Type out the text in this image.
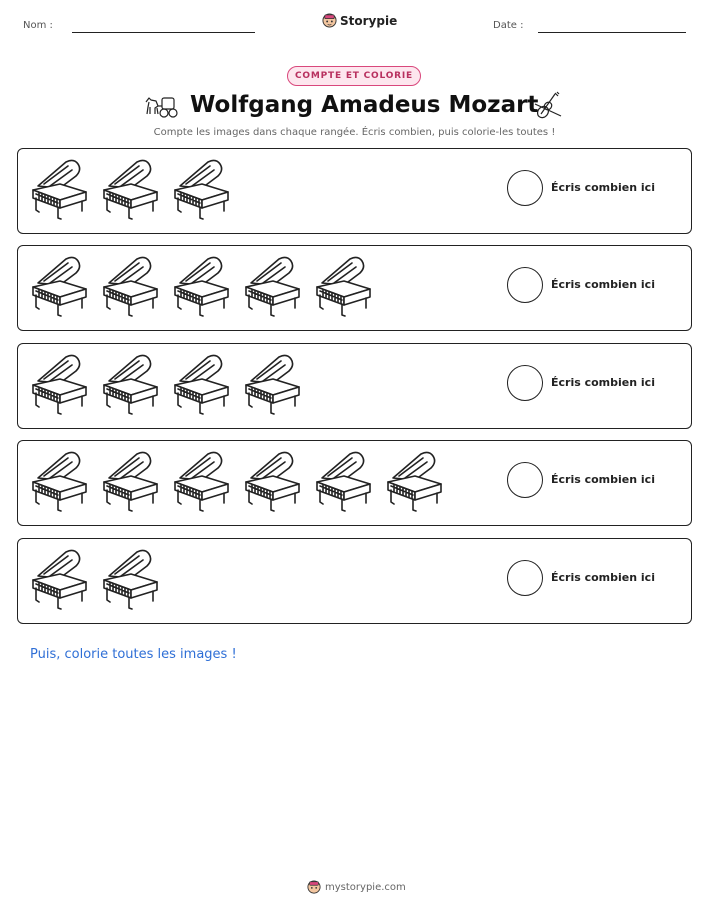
Nom :	Storypie	Date :
COMPTE ET COLORIE
Wolfgang Amadeus Mozart
Compte les images dans chaque rangée. Écris combien, puis colorie-les toutes !
Écris combien ici
Écris combien ici
Écris combien ici
Écris combien ici
Écris combien ici
Puis, colorie toutes les images !
mystorypie.com
